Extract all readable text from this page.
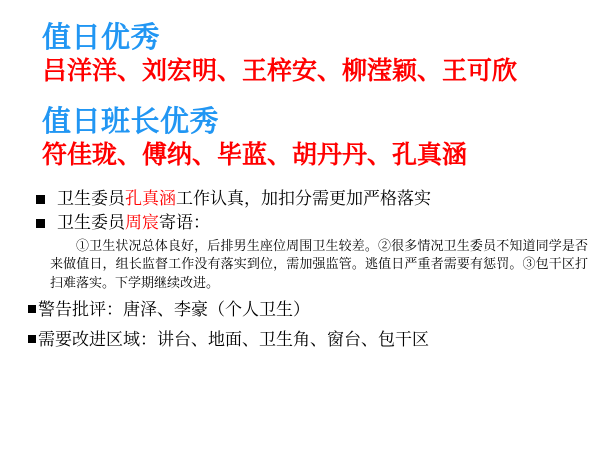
值日优秀
吕洋洋、刘宏明、王梓安、柳滢颖、王可欣
值日班长优秀
符佳珑、傅纳、毕蓝、胡丹丹、孔真涵
卫生委员孔真涵工作认真，加扣分需更加严格落实
卫生委员周宸寄语：
①卫生状况总体良好，后排男生座位周围卫生较差。②很多情况卫生委员不知道同学是否来做值日，组长监督工作没有落实到位，需加强监管。逃值日严重者需要有惩罚。③包干区打扫难落实。下学期继续改进。
警告批评：唐泽、李豪（个人卫生）
需要改进区域：讲台、地面、卫生角、窗台、包干区
